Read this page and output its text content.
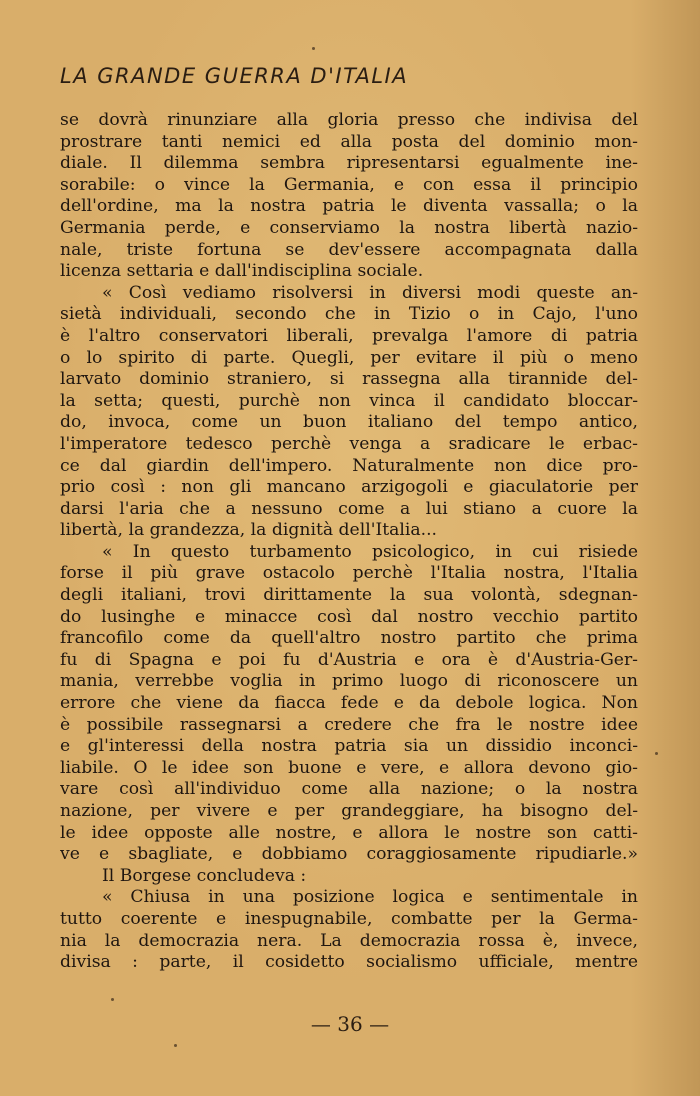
LA GRANDE GUERRA D'ITALIA
se dovrà rinunziare alla gloria presso che indivisa del
prostrare tanti nemici ed alla posta del dominio mon-
diale. Il dilemma sembra ripresentarsi egualmente ine-
sorabile: o vince la Germania, e con essa il principio
dell'ordine, ma la nostra patria le diventa vassalla; o la
Germania perde, e conserviamo la nostra libertà nazio-
nale, triste fortuna se dev'essere accompagnata dalla
licenza settaria e dall'indisciplina sociale.
« Così vediamo risolversi in diversi modi queste an-
sietà individuali, secondo che in Tizio o in Cajo, l'uno
è l'altro conservatori liberali, prevalga l'amore di patria
o lo spirito di parte. Quegli, per evitare il più o meno
larvato dominio straniero, si rassegna alla tirannide del-
la setta; questi, purchè non vinca il candidato bloccar-
do, invoca, come un buon italiano del tempo antico,
l'imperatore tedesco perchè venga a sradicare le erbac-
ce dal giardin dell'impero. Naturalmente non dice pro-
prio così : non gli mancano arzigogoli e giaculatorie per
darsi l'aria che a nessuno come a lui stiano a cuore la
libertà, la grandezza, la dignità dell'Italia...
« In questo turbamento psicologico, in cui risiede
forse il più grave ostacolo perchè l'Italia nostra, l'Italia
degli italiani, trovi dirittamente la sua volontà, sdegnan-
do lusinghe e minacce così dal nostro vecchio partito
francofilo come da quell'altro nostro partito che prima
fu di Spagna e poi fu d'Austria e ora è d'Austria-Ger-
mania, verrebbe voglia in primo luogo di riconoscere un
errore che viene da fiacca fede e da debole logica. Non
è possibile rassegnarsi a credere che fra le nostre idee
e gl'interessi della nostra patria sia un dissidio inconci-
liabile. O le idee son buone e vere, e allora devono gio-
vare così all'individuo come alla nazione; o la nostra
nazione, per vivere e per grandeggiare, ha bisogno del-
le idee opposte alle nostre, e allora le nostre son catti-
ve e sbagliate, e dobbiamo coraggiosamente ripudiarle.»
Il Borgese concludeva :
« Chiusa in una posizione logica e sentimentale in
tutto coerente e inespugnabile, combatte per la Germa-
nia la democrazia nera. La democrazia rossa è, invece,
divisa : parte, il cosidetto socialismo ufficiale, mentre
— 36 —
